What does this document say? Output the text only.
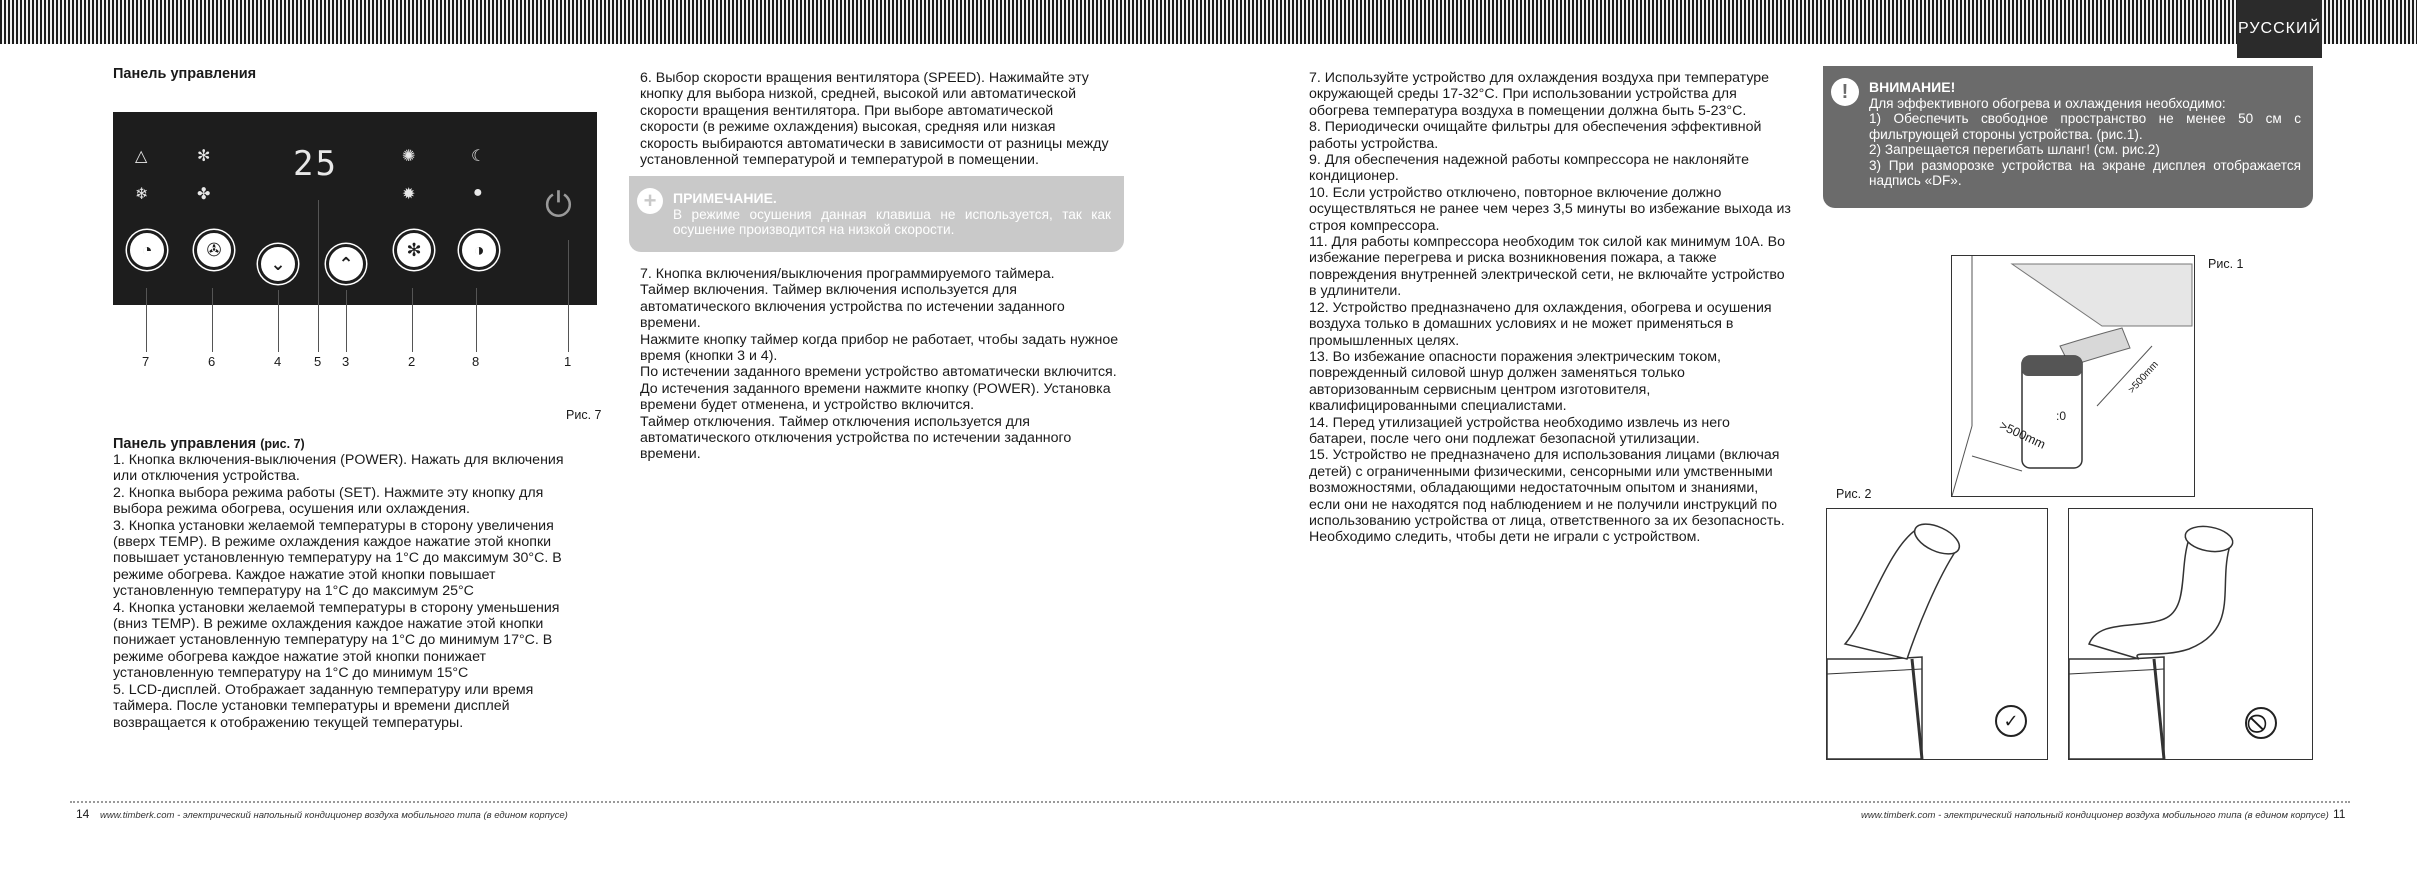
РУССКИЙ
Панель управления
△	✻
❄	✤
✺	☾
✹	●
25
◔	✇
⌄	⌃
✻	◑
⏻
7	6	4	5 3	2	8	1
Рис. 7
Панель управления (рис. 7)

1. Кнопка включения-выключения (POWER). Нажать для включения или отключения устройства.

2. Кнопка выбора режима работы (SET). Нажмите эту кнопку для выбора режима обогрева, осушения или охлаждения.

3. Кнопка установки желаемой температуры в сторону увеличения (вверх TEMP). В режиме охлаждения каждое нажатие этой кнопки повышает установленную температуру на 1°С до максимум 30°С. В режиме обогрева. Каждое нажатие этой кнопки повышает установленную температуру на 1°С до максимум 25°С

4. Кнопка установки желаемой температуры в сторону уменьшения (вниз TEMP). В режиме охлаждения каждое нажатие этой кнопки понижает установленную температуру на 1°С до минимум 17°С. В режиме обогрева каждое нажатие этой кнопки понижает установленную температуру на 1°С до минимум 15°С

5. LCD-дисплей. Отображает заданную температуру или время таймера. После установки температуры и времени дисплей возвращается к отображению текущей температуры.

6. Выбор скорости вращения вентилятора (SPEED). Нажимайте эту кнопку для выбора низкой, средней, высокой или автоматической скорости вращения вентилятора. При выборе автоматической скорости (в режиме охлаждения) высокая, средняя или низкая скорость выбираются автоматически в зависимости от разницы между установленной температурой и температурой в помещении.

+	ПРИМЕЧАНИЕ.
В режиме осушения данная клавиша не используется, так как осушение производится на низкой скорости.

7. Кнопка включения/выключения программируемого таймера.

Таймер включения. Таймер включения используется для автоматического включения устройства по истечении заданного времени.

Нажмите кнопку таймер когда прибор не работает, чтобы задать нужное время (кнопки 3 и 4).

По истечении заданного времени устройство автоматически включится.

До истечения заданного времени нажмите кнопку (POWER). Установка времени будет отменена, и устройство включится.

Таймер отключения. Таймер отключения используется для автоматического отключения устройства по истечении заданного времени.

7. Используйте устройство для охлаждения воздуха при температуре окружающей среды 17-32°С. При использовании устройства для обогрева температура воздуха в помещении должна быть 5-23°С.

8. Периодически очищайте фильтры для обеспечения эффективной работы устройства.

9. Для обеспечения надежной работы компрессора не наклоняйте кондиционер.

10. Если устройство отключено, повторное включение должно осуществляться не ранее чем через 3,5 минуты во избежание выхода из строя компрессора.

11. Для работы компрессора необходим ток силой как минимум 10А. Во избежание перегрева и риска возникновения пожара, а также повреждения внутренней электрической сети, не включайте устройство в удлинители.

12. Устройство предназначено для охлаждения, обогрева и осушения воздуха только в домашних условиях и не может применяться в промышленных целях.

13. Во избежание опасности поражения электрическим током, поврежденный силовой шнур должен заменяться только авторизованным сервисным центром изготовителя, квалифицированными специалистами.

14. Перед утилизацией устройства необходимо извлечь из него батареи, после чего они подлежат безопасной утилизации.

15. Устройство не предназначено для использования лицами (включая детей) с ограниченными физическими, сенсорными или умственными возможностями, обладающими недостаточным опытом и знаниями, если они не находятся под наблюдением и не получили инструкций по использованию устройства от лица, ответственного за их безопасность. Необходимо следить, чтобы дети не играли с устройством.

!	ВНИМАНИЕ!
Для эффективного обогрева и охлаждения необходимо:
1) Обеспечить свободное пространство не менее 50 см с фильтрующей стороны устройства. (рис.1).
2) Запрещается перегибать шланг! (см. рис.2)
3) При разморозке устройства на экране дисплея отображается надпись «DF».
:0
>500mm
>500mm
Рис. 1
Рис. 2
✓
14 www.timberk.com - электрический напольный кондиционер воздуха мобильного типа (в едином корпусе)	www.timberk.com - электрический напольный кондиционер воздуха мобильного типа (в едином корпусе) 11
